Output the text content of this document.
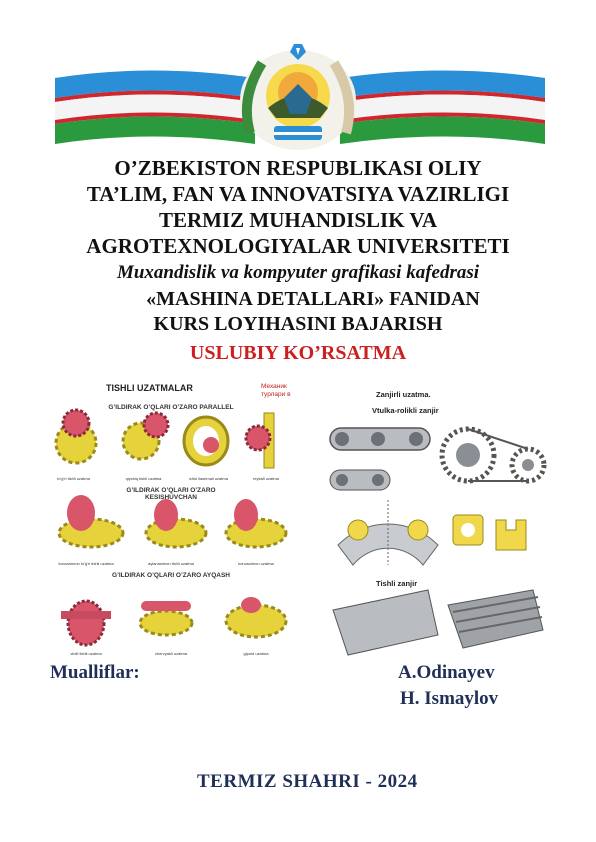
O’ZBEKISTON RESPUBLIKASI OLIY
TA’LIM, FAN VA INNOVATSIYA VAZIRLIGI
TERMIZ MUHANDISLIK VA
AGROTEXNOLOGIYALAR UNIVERSITETI
Muxandislik va kompyuter grafikasi kafedrasi
«MASHINA DETALLARI» FANIDAN
KURS LOYIHASINI BAJARISH
USLUBIY KO’RSATMA
TISHLI UZATMALAR	Механик турлари в
G’ILDIRAK O’QLARI O’ZARO PARALLEL
to'g'ri tishli uzatma	qiyshiq tishli uzatma	ichki ilashmali uzatma	reykali uzatma
G’ILDIRAK O’QLARI O’ZARO KESISHUVCHAN
konussimon to'g'ri tishli uzatma	aylanasimon tishli uzatma	konussimon uzatma
G’ILDIRAK O’QLARI O’ZARO AYQASH
vintli tishli uzatma	chervyakli uzatma	gipoid uzatma
Zanjirli uzatma.
Vtulka-rolikli zanjir
Tishli zanjir
Mualliflar:	A.Odinayev
H. Ismaylov
TERMIZ SHAHRI - 2024
